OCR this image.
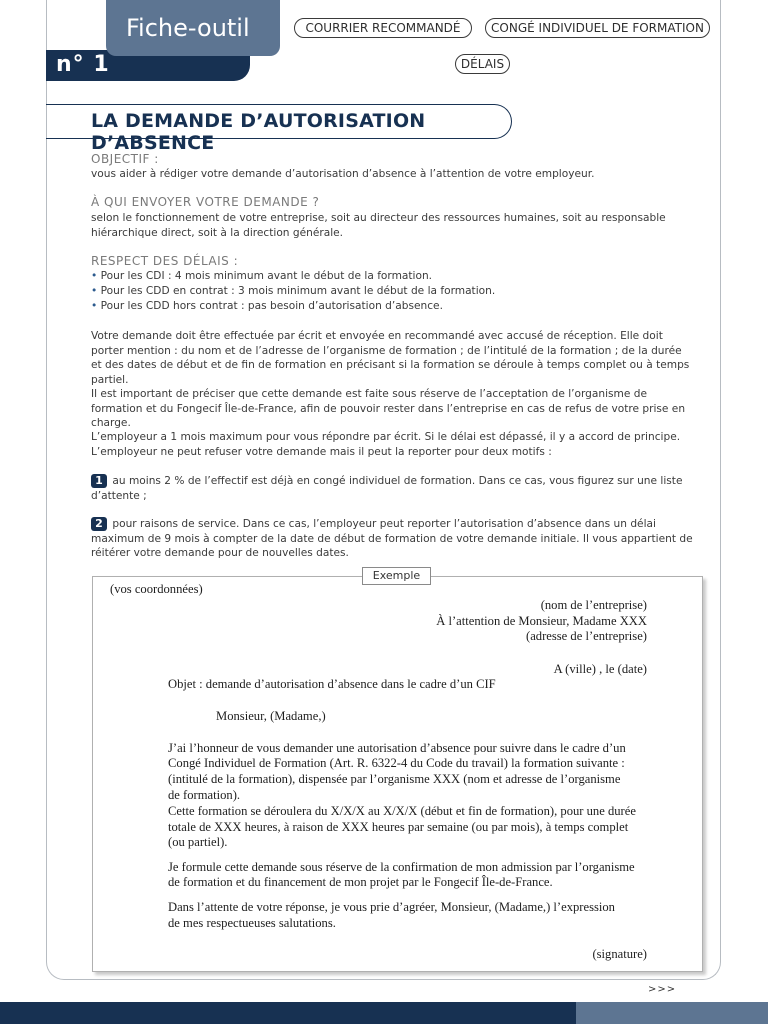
n° 1
Fiche-outil	COURRIER RECOMMANDÉ	CONGÉ INDIVIDUEL DE FORMATION
DÉLAIS
LA DEMANDE D’AUTORISATION D’ABSENCE
OBJECTIF :
vous aider à rédiger votre demande d’autorisation d’absence à l’attention de votre employeur.
À QUI ENVOYER VOTRE DEMANDE ?
selon le fonctionnement de votre entreprise, soit au directeur des ressources humaines, soit au responsable
hiérarchique direct, soit à la direction générale.
RESPECT DES DÉLAIS :
• Pour les CDI : 4 mois minimum avant le début de la formation.
• Pour les CDD en contrat : 3 mois minimum avant le début de la formation.
• Pour les CDD hors contrat : pas besoin d’autorisation d’absence.
Votre demande doit être effectuée par écrit et envoyée en recommandé avec accusé de réception. Elle doit porter mention : du nom et de l’adresse de l’organisme de formation ; de l’intitulé de la formation ; de la durée et des dates de début et de fin de formation en précisant si la formation se déroule à temps complet ou à temps partiel.
Il est important de préciser que cette demande est faite sous réserve de l’acceptation de l’organisme de formation et du Fongecif Île-de-France, afin de pouvoir rester dans l’entreprise en cas de refus de votre prise en charge.
L’employeur a 1 mois maximum pour vous répondre par écrit. Si le délai est dépassé, il y a accord de principe. L’employeur ne peut refuser votre demande mais il peut la reporter pour deux motifs :
1 au moins 2 % de l’effectif est déjà en congé individuel de formation. Dans ce cas, vous figurez sur une liste d’attente ;
2 pour raisons de service. Dans ce cas, l’employeur peut reporter l’autorisation d’absence dans un délai maximum de 9 mois à compter de la date de début de formation de votre demande initiale. Il vous appartient de réitérer votre demande pour de nouvelles dates.
Exemple
(vos coordonnées)
(nom de l’entreprise)
À l’attention de Monsieur, Madame XXX
(adresse de l’entreprise)
A (ville) , le (date)
Objet : demande d’autorisation d’absence dans le cadre d’un CIF
Monsieur, (Madame,)
J’ai l’honneur de vous demander une autorisation d’absence pour suivre dans le cadre d’un
Congé Individuel de Formation (Art. R. 6322-4 du Code du travail) la formation suivante :
(intitulé de la formation), dispensée par l’organisme XXX (nom et adresse de l’organisme
de formation).
Cette formation se déroulera du X/X/X au X/X/X (début et fin de formation), pour une durée
totale de XXX heures, à raison de XXX heures par semaine (ou par mois), à temps complet
(ou partiel).
Je formule cette demande sous réserve de la confirmation de mon admission par l’organisme
de formation et du financement de mon projet par le Fongecif Île-de-France.
Dans l’attente de votre réponse, je vous prie d’agréer, Monsieur, (Madame,) l’expression
de mes respectueuses salutations.
(signature)
>>>
